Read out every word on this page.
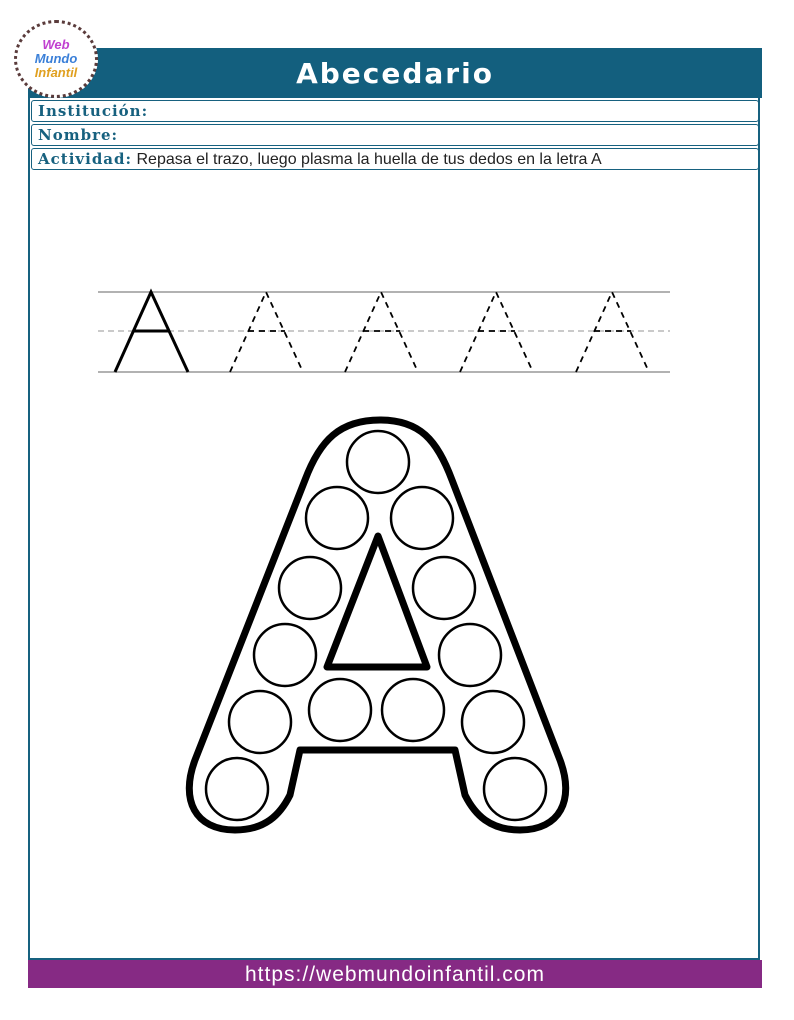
Abecedario
Web
Mundo
Infantil
Institución:
Nombre:
Actividad: Repasa el trazo, luego plasma la huella de tus dedos en la letra A
https://webmundoinfantil.com
